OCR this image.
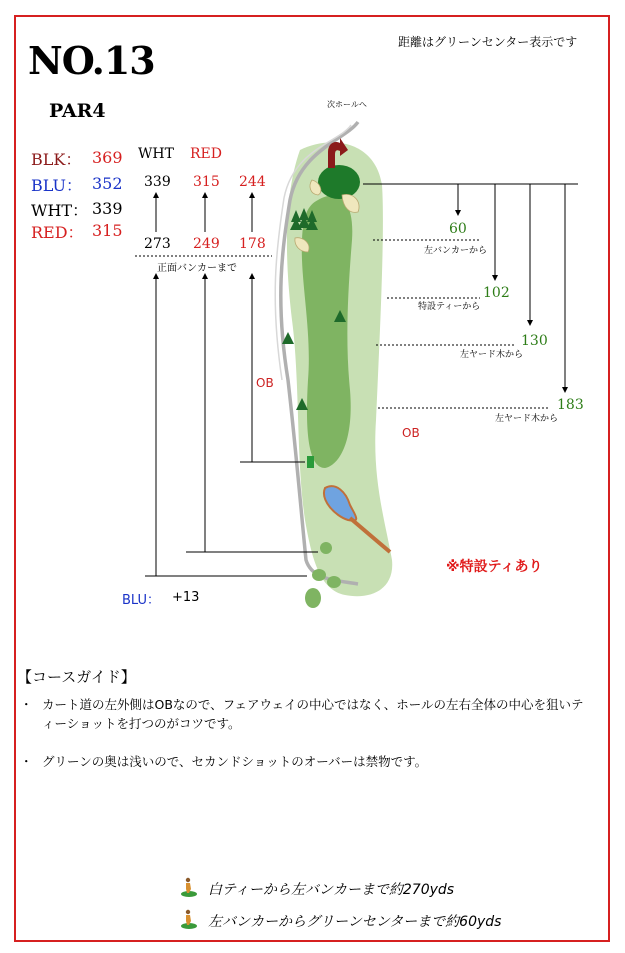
NO.13
PAR4
距離はグリーンセンター表示です
BLK： 369
BLU： 352
WHT： 339
RED： 315
WHT RED
339 315 244
273 249 178
正面バンカーまで
次ホールへ
OB
OB
※特設ティあり
BLU： +13
60
左バンカーから
102
特設ティーから
130
左ヤード木から
183
左ヤード木から
【コースガイド】
・ カート道の左外側はOBなので、フェアウェイの中心ではなく、ホールの左右全体の中心を狙いティーショットを打つのがコツです。
・ グリーンの奥は浅いので、セカンドショットのオーバーは禁物です。
白ティーから左バンカーまで約270yds
左バンカーからグリーンセンターまで約60yds
